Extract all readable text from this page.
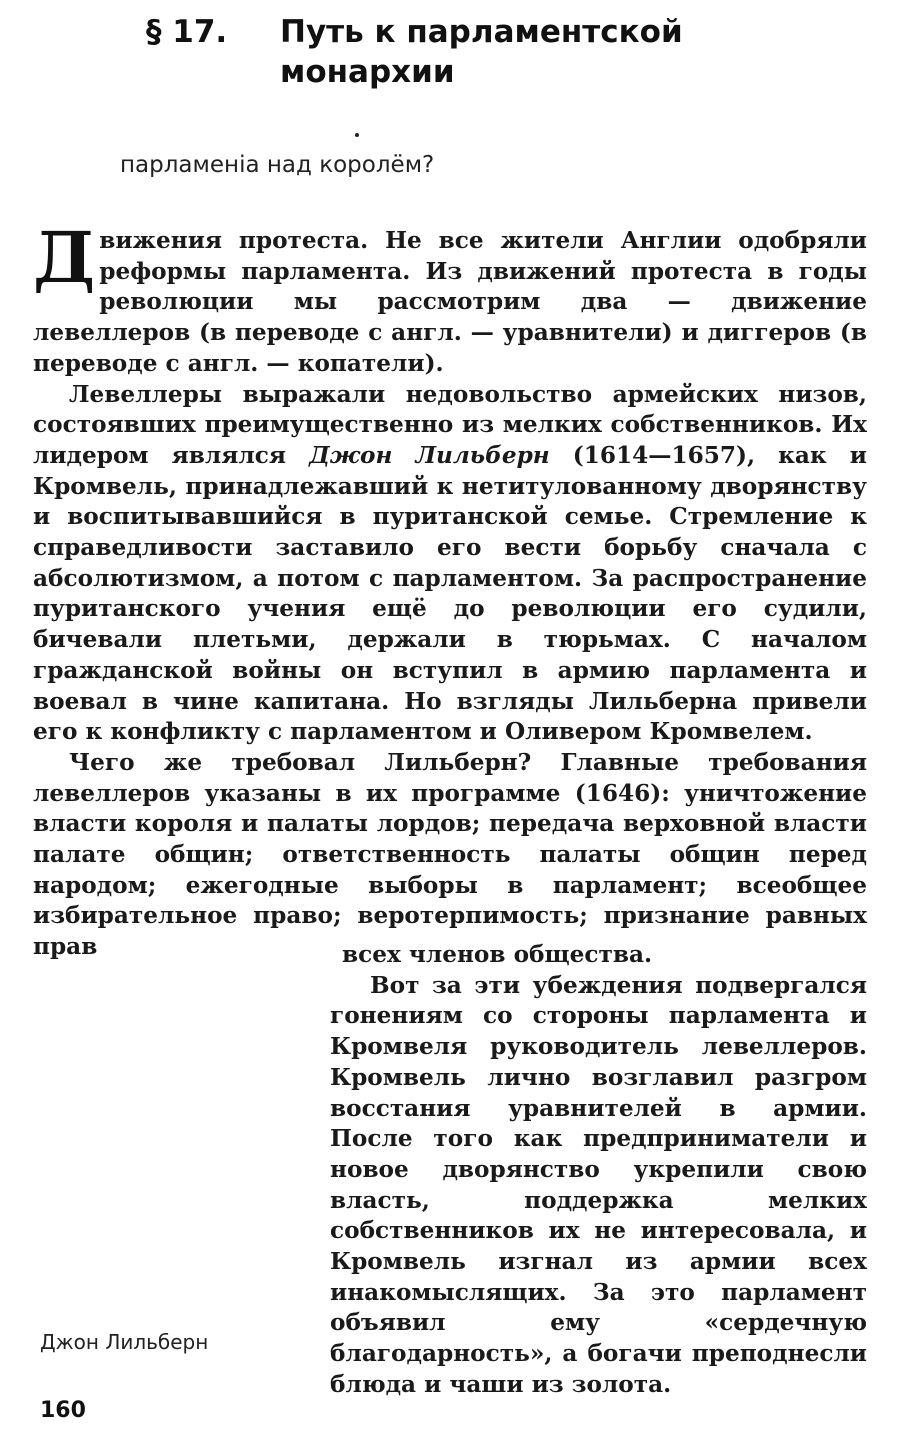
§ 17. Путь к парламентской
монархии
парламенiа над королём?

Движения протеста. Не все жители Англии одобряли реформы парламента. Из движений протеста в годы революции мы рассмотрим два — движение левеллеров (в переводе с англ. — уравнители) и диггеров (в переводе с англ. — копатели).

Левеллеры выражали недовольство армейских низов, состоявших преимущественно из мелких собственников. Их лидером являлся Джон Лильберн (1614—1657), как и Кромвель, принадлежавший к нетитулованному дворянству и воспитывавшийся в пуританской семье. Стремление к справедливости заставило его вести борьбу сначала с абсолютизмом, а потом с парламентом. За распространение пуританского учения ещё до революции его судили, бичевали плетьми, держали в тюрьмах. С началом гражданской войны он вступил в армию парламента и воевал в чине капитана. Но взгляды Лильберна привели его к конфликту с парламентом и Оливером Кромвелем.

Чего же требовал Лильберн? Главные требования левеллеров указаны в их программе (1646): уничтожение власти короля и палаты лордов; передача верховной власти палате общин; ответственность палаты общин перед народом; ежегодные выборы в парламент; всеобщее избирательное право; веротерпимость; признание равных прав	всех членов общества.

Вот за эти убеждения подвергался гонениям со стороны парламента и Кромвеля руководитель левеллеров. Кромвель лично возглавил разгром восстания уравнителей в армии. После того как предприниматели и новое дворянство укрепили свою власть, поддержка мелких собственников их не интересовала, и Кромвель изгнал из армии всех инакомыслящих. За это парламент объявил ему «сердечную благодарность», а богачи преподнесли блюда и чаши из золота.

Джон Лильберн
160
